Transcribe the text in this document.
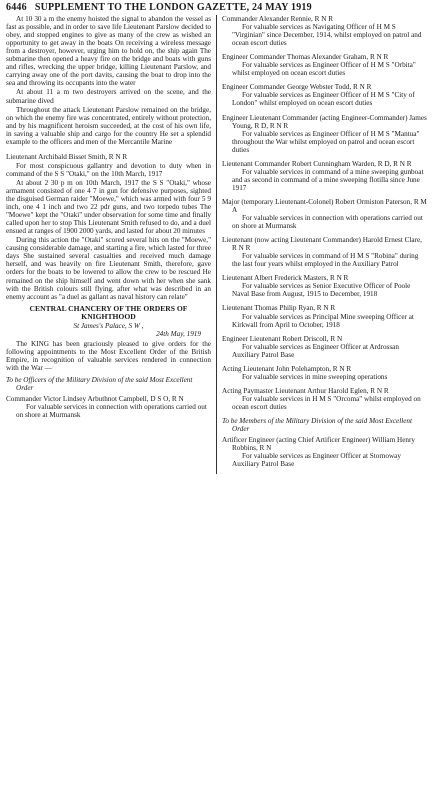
6446 SUPPLEMENT TO THE LONDON GAZETTE, 24 MAY 1919

At 10 30 a m the enemy hoisted the signal to abandon the vessel as fast as possible, and in order to save life Lieutenant Parslow decided to obey, and stopped engines to give as many of the crew as wished an opportunity to get away in the boats On receiving a wireless message from a destroyer, however, urging him to hold on, the ship again The submarine then opened a heavy fire on the bridge and boats with guns and rifles, wrecking the upper bridge, killing Lieutenant Parslow, and carrying away one of the port davits, causing the boat to drop into the sea and throwing its occupants into the water

At about 11 a m two destroyers arrived on the scene, and the submarine dived

Throughout the attack Lieutenant Parslow remained on the bridge, on which the enemy fire was concentrated, entirely without protection, and by his magnificent heroism succeeded, at the cost of his own life, in saving a valuable ship and cargo for the country He set a splendid example to the officers and men of the Mercantile Marine

Lieutenant Archibald Bisset Smith, R N R

For most conspicuous gallantry and devotion to duty when in command of the S S "Otaki," on the 10th March, 1917

At about 2 30 p m on 10th March, 1917 the S S "Otaki," whose armament consisted of one 4 7 in gun for defensive purposes, sighted the disguised German raider "Moewe," which was armed with four 5 9 inch, one 4 1 inch and two 22 pdr guns, and two torpedo tubes The "Moewe" kept the "Otaki" under observation for some time and finally called upon her to stop This Lieutenant Smith refused to do, and a duel ensued at ranges of 1900 2000 yards, and lasted for about 20 minutes

During this action the "Otaki" scored several hits on the "Moewe," causing considerable damage, and starting a fire, which lasted for three days She sustained several casualties and received much damage herself, and was heavily on fire Lieutenant Smith, therefore, gave orders for the boats to be lowered to allow the crew to be rescued He remained on the ship himself and went down with her when she sank with the British colours still flying, after what was described in an enemy account as "a duel as gallant as naval history can relate"

CENTRAL CHANCERY OF THE ORDERS OF KNIGHTHOOD

St James's Palace, S W ,

24th May, 1919

The KING has been graciously pleased to give orders for the following appointments to the Most Excellent Order of the British Empire, in recognition of valuable services rendered in connection with the War —

To be Officers of the Military Division of the said Most Excellent Order

Commander Victor Lindsey Arbuthnot Campbell, D S O, R N

For valuable services in connection with operations carried out on shore at Murmansk

Commander Alexander Rennie, R N R

For valuable services as Navigating Officer of H M S "Virginian" since December, 1914, whilst employed on patrol and ocean escort duties

Engineer Commander Thomas Alexander Graham, R N R

For valuable services as Engineer Officer of H M S "Orbita" whilst employed on ocean escort duties

Engineer Commander George Webster Todd, R N R

For valuable services as Engineer Officer of H M S "City of London" whilst employed on ocean escort duties

Engineer Lieutenant Commander (acting Engineer-Commander) James Young, R D, R N R

For valuable services as Engineer Officer of H M S "Mantua" throughout the War whilst employed on patrol and ocean escort duties

Lieutenant Commander Robert Cunningham Warden, R D, R N R

For valuable services in command of a mine sweeping gunboat and as second in command of a mine sweeping flotilla since June 1917

Major (temporary Lieutenant-Colonel) Robert Ormiston Paterson, R M A

For valuable services in connection with operations carried out on shore at Murmansk

Lieutenant (now acting Lieutenant Commander) Harold Ernest Clare, R N R

For valuable services in command of H M S "Robina" during the last four years whilst employed in the Auxiliary Patrol

Lieutenant Albert Frederick Masters, R N R

For valuable services as Senior Executive Officer of Poole Naval Base from August, 1915 to December, 1918

Lieutenant Thomas Philip Ryan, R N R

For valuable services as Principal Mine sweeping Officer at Kirkwall from April to October, 1918

Engineer Lieutenant Robert Driscoll, R N

For valuable services as Engineer Officer at Ardrossan Auxiliary Patrol Base

Acting Lieutenant John Polehampton, R N R

For valuable services in mine sweeping operations

Acting Paymaster Lieutenant Arthur Harold Eglen, R N R

For valuable services in H M S "Orcoma" whilst employed on ocean escort duties

To be Members of the Military Division of the said Most Excellent Order

Artificer Engineer (acting Chief Artificer Engineer) William Henry Robbins, R N

For valuable services as Engineer Officer at Stornoway Auxiliary Patrol Base
